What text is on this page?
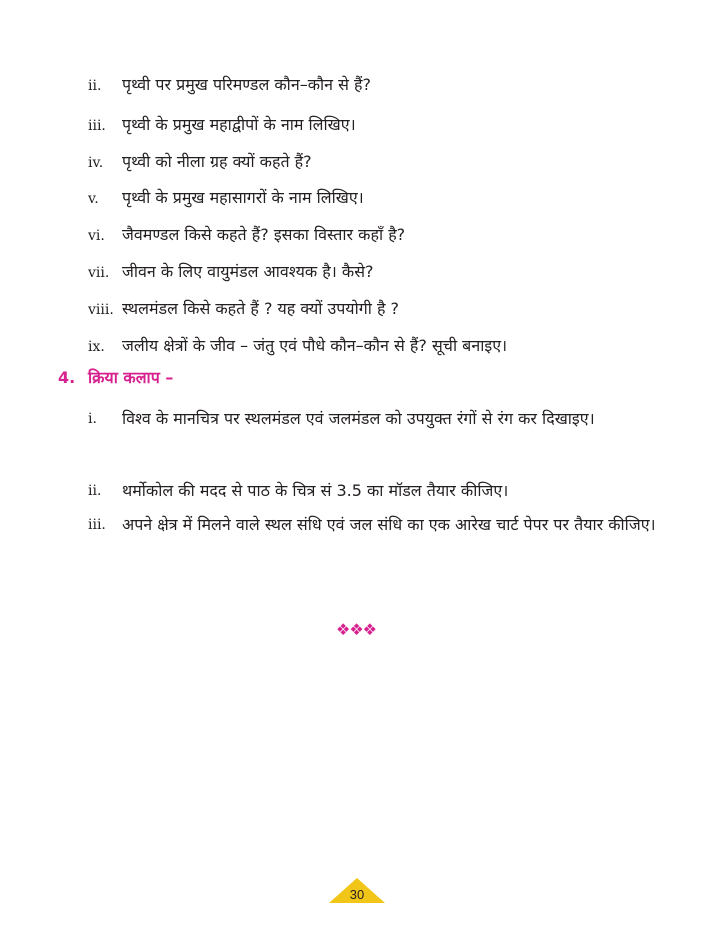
ii.	पृथ्वी पर प्रमुख परिमण्डल कौन–कौन से हैं?
iii.	पृथ्वी के प्रमुख महाद्वीपों के नाम लिखिए।
iv.	पृथ्वी को नीला ग्रह क्यों कहते हैं?
v.	पृथ्वी के प्रमुख महासागरों के नाम लिखिए।
vi.	जैवमण्डल किसे कहते हैं? इसका विस्तार कहाँ है?
vii. जीवन के लिए वायुमंडल आवश्यक है। कैसे?
viii. स्थलमंडल किसे कहते हैं ? यह क्यों उपयोगी है ?
ix.	जलीय क्षेत्रों के जीव – जंतु एवं पौधे कौन–कौन से हैं? सूची बनाइए।
4. क्रिया कलाप –
i.	विश्व के मानचित्र पर स्थलमंडल एवं जलमंडल को उपयुक्त रंगों से रंग कर दिखाइए।
ii.	थर्मोकोल की मदद से पाठ के चित्र सं 3.5 का मॉडल तैयार कीजिए।
iii.	अपने क्षेत्र में मिलने वाले स्थल संधि एवं जल संधि का एक आरेख चार्ट पेपर पर तैयार कीजिए।
❖❖❖
30
